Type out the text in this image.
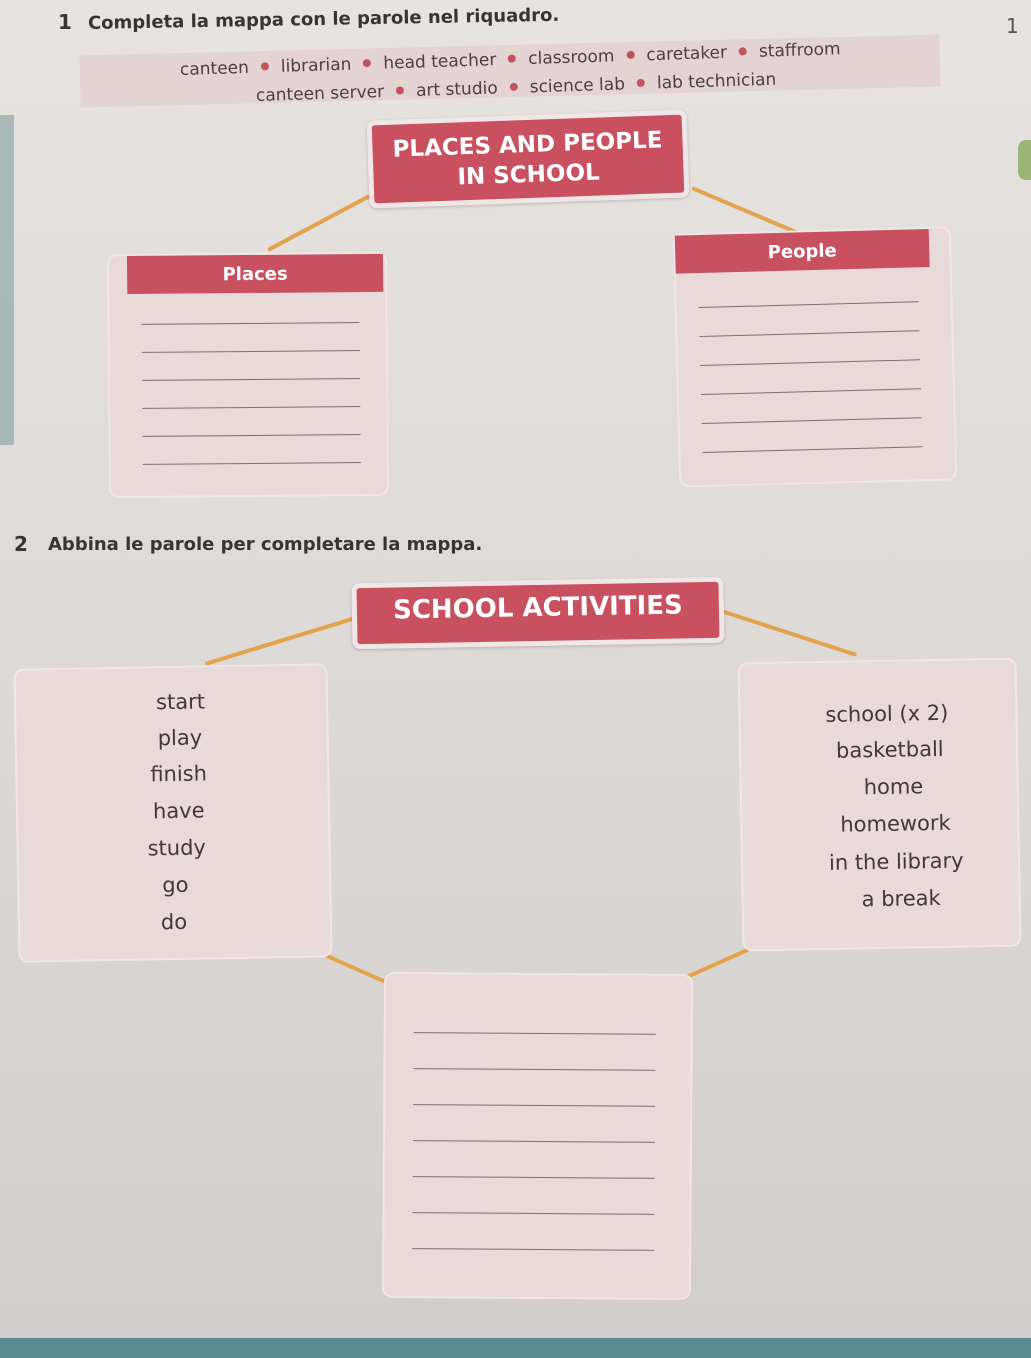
1
1 Completa la mappa con le parole nel riquadro.
canteen librarian head teacher classroom caretaker staffroom
canteen server art studio science lab lab technician
PLACES AND PEOPLE
IN SCHOOL
Places
People
2 Abbina le parole per completare la mappa.
SCHOOL ACTIVITIES
start
play
finish
have
study
go
do
school (x 2)
basketball
home
homework
in the library
a break
